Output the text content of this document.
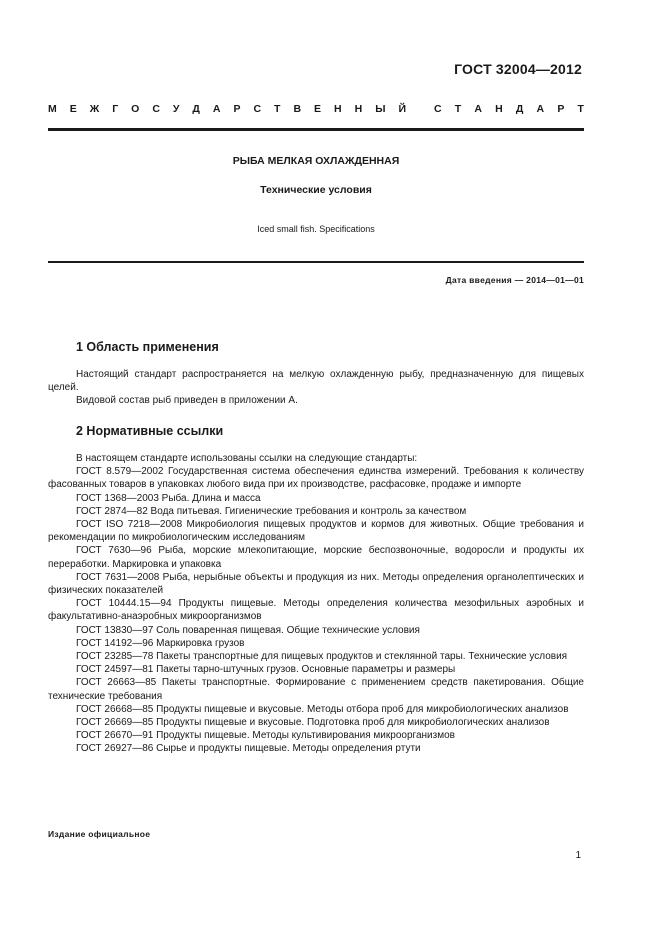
ГОСТ 32004—2012
М Е Ж Г О С У Д А Р С Т В Е Н Н Ы Й	С Т А Н Д А Р Т
РЫБА МЕЛКАЯ ОХЛАЖДЕННАЯ
Технические условия
Iced small fish. Specifications
Дата введения — 2014—01—01
1 Область применения

Настоящий стандарт распространяется на мелкую охлажденную рыбу, предназначенную для пищевых целей.

Видовой состав рыб приведен в приложении А.

2 Нормативные ссылки

В настоящем стандарте использованы ссылки на следующие стандарты:

ГОСТ 8.579—2002 Государственная система обеспечения единства измерений. Требования к количеству фасованных товаров в упаковках любого вида при их производстве, расфасовке, продаже и импорте

ГОСТ 1368—2003 Рыба. Длина и масса

ГОСТ 2874—82 Вода питьевая. Гигиенические требования и контроль за качеством

ГОСТ ISO 7218—2008 Микробиология пищевых продуктов и кормов для животных. Общие требования и рекомендации по микробиологическим исследованиям

ГОСТ 7630—96 Рыба, морские млекопитающие, морские беспозвоночные, водоросли и продукты их переработки. Маркировка и упаковка

ГОСТ 7631—2008 Рыба, нерыбные объекты и продукция из них. Методы определения органолептических и физических показателей

ГОСТ 10444.15—94 Продукты пищевые. Методы определения количества мезофильных аэробных и факультативно-анаэробных микроорганизмов

ГОСТ 13830—97 Соль поваренная пищевая. Общие технические условия

ГОСТ 14192—96 Маркировка грузов

ГОСТ 23285—78 Пакеты транспортные для пищевых продуктов и стеклянной тары. Технические условия

ГОСТ 24597—81 Пакеты тарно-штучных грузов. Основные параметры и размеры

ГОСТ 26663—85 Пакеты транспортные. Формирование с применением средств пакетирования. Общие технические требования

ГОСТ 26668—85 Продукты пищевые и вкусовые. Методы отбора проб для микробиологических анализов

ГОСТ 26669—85 Продукты пищевые и вкусовые. Подготовка проб для микробиологических анализов

ГОСТ 26670—91 Продукты пищевые. Методы культивирования микроорганизмов

ГОСТ 26927—86 Сырье и продукты пищевые. Методы определения ртути

Издание официальное
1
